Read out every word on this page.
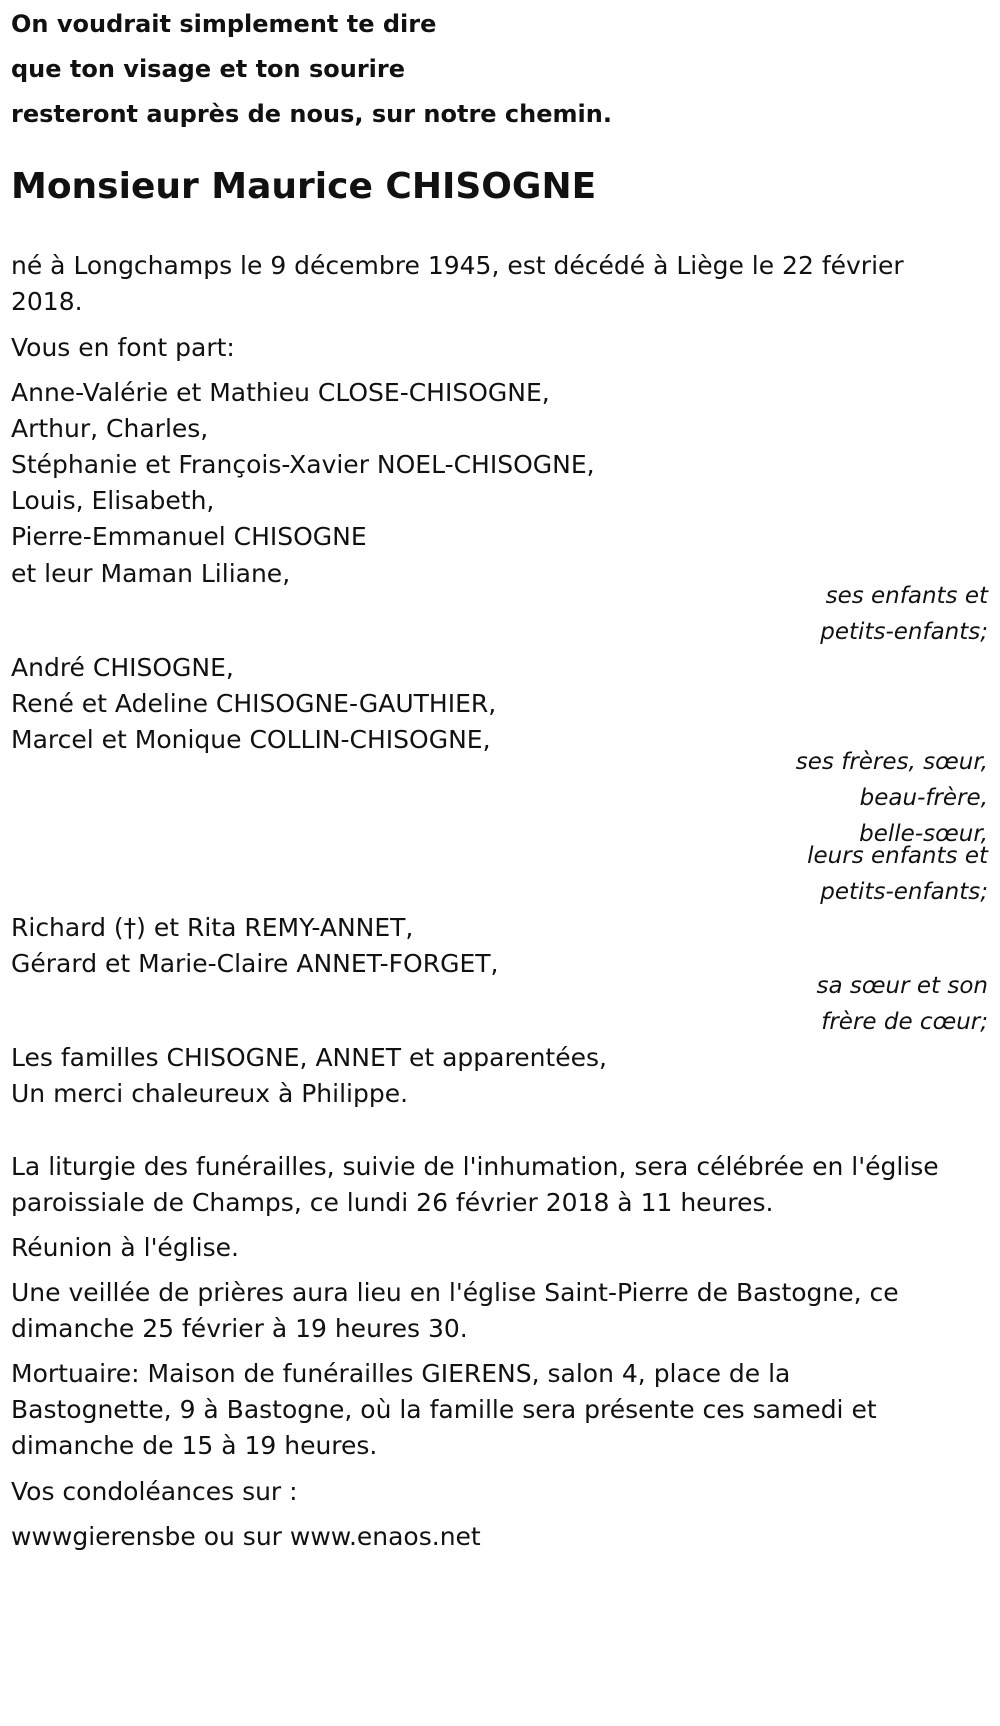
On voudrait simplement te dire
que ton visage et ton sourire
resteront auprès de nous, sur notre chemin.
Monsieur Maurice CHISOGNE
né à Longchamps le 9 décembre 1945, est décédé à Liège le 22 février
2018.
Vous en font part:
Anne-Valérie et Mathieu CLOSE-CHISOGNE,
Arthur, Charles,
Stéphanie et François-Xavier NOEL-CHISOGNE,
Louis, Elisabeth,
Pierre-Emmanuel CHISOGNE
et leur Maman Liliane,
ses enfants et
petits-enfants;
André CHISOGNE,
René et Adeline CHISOGNE-GAUTHIER,
Marcel et Monique COLLIN-CHISOGNE,
ses frères, sœur,
beau-frère,
belle-sœur,
leurs enfants et
petits-enfants;
Richard (†) et Rita REMY-ANNET,
Gérard et Marie-Claire ANNET-FORGET,
sa sœur et son
frère de cœur;
Les familles CHISOGNE, ANNET et apparentées,
Un merci chaleureux à Philippe.
La liturgie des funérailles, suivie de l'inhumation, sera célébrée en l'église
paroissiale de Champs, ce lundi 26 février 2018 à 11 heures.
Réunion à l'église.
Une veillée de prières aura lieu en l'église Saint-Pierre de Bastogne, ce
dimanche 25 février à 19 heures 30.
Mortuaire: Maison de funérailles GIERENS, salon 4, place de la
Bastognette, 9 à Bastogne, où la famille sera présente ces samedi et
dimanche de 15 à 19 heures.
Vos condoléances sur :
wwwgierensbe ou sur www.enaos.net
